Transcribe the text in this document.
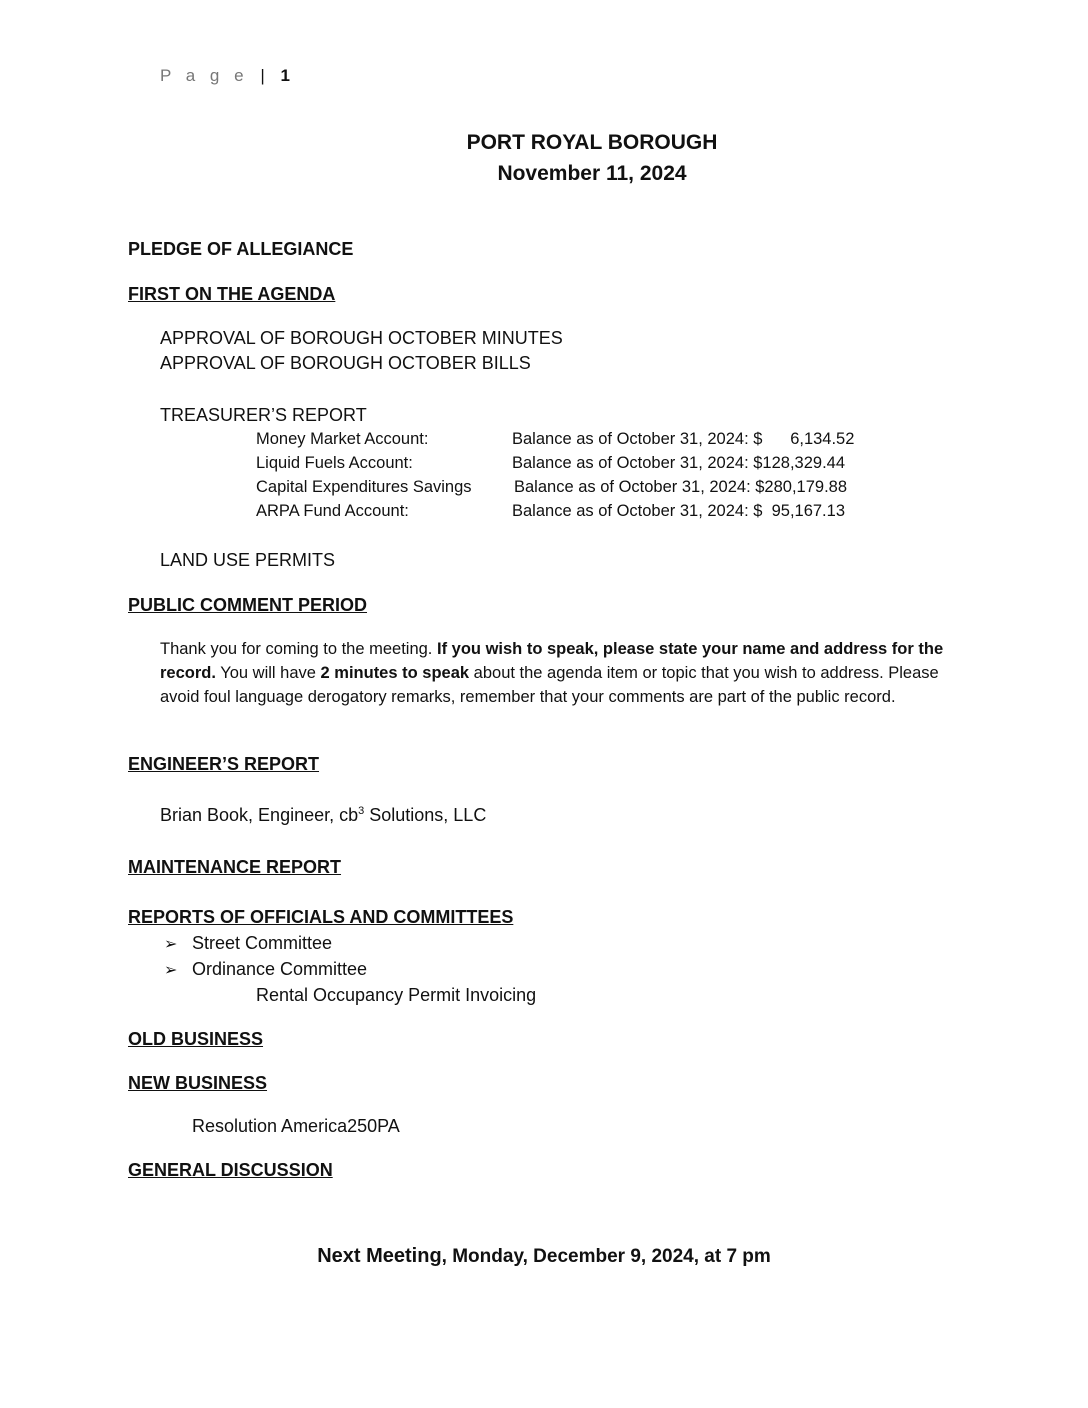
P a g e | 1
PORT ROYAL BOROUGH
November 11, 2024
PLEDGE OF ALLEGIANCE
FIRST ON THE AGENDA
APPROVAL OF BOROUGH OCTOBER MINUTES
APPROVAL OF BOROUGH OCTOBER BILLS
TREASURER’S REPORT
Money Market Account:	Balance as of October 31, 2024: $ 6,134.52
Liquid Fuels Account:	Balance as of October 31, 2024: $128,329.44
Capital Expenditures Savings	Balance as of October 31, 2024: $280,179.88
ARPA Fund Account:	Balance as of October 31, 2024: $ 95,167.13
LAND USE PERMITS
PUBLIC COMMENT PERIOD
Thank you for coming to the meeting. If you wish to speak, please state your name and address for the record. You will have 2 minutes to speak about the agenda item or topic that you wish to address. Please avoid foul language derogatory remarks, remember that your comments are part of the public record.
ENGINEER’S REPORT
Brian Book, Engineer, $cb^3$ Solutions, LLC
MAINTENANCE REPORT
REPORTS OF OFFICIALS AND COMMITTEES
➢ Street Committee
➢ Ordinance Committee
Rental Occupancy Permit Invoicing
OLD BUSINESS
NEW BUSINESS
Resolution America250PA
GENERAL DISCUSSION
Next Meeting, Monday, December 9, 2024, at 7 pm
